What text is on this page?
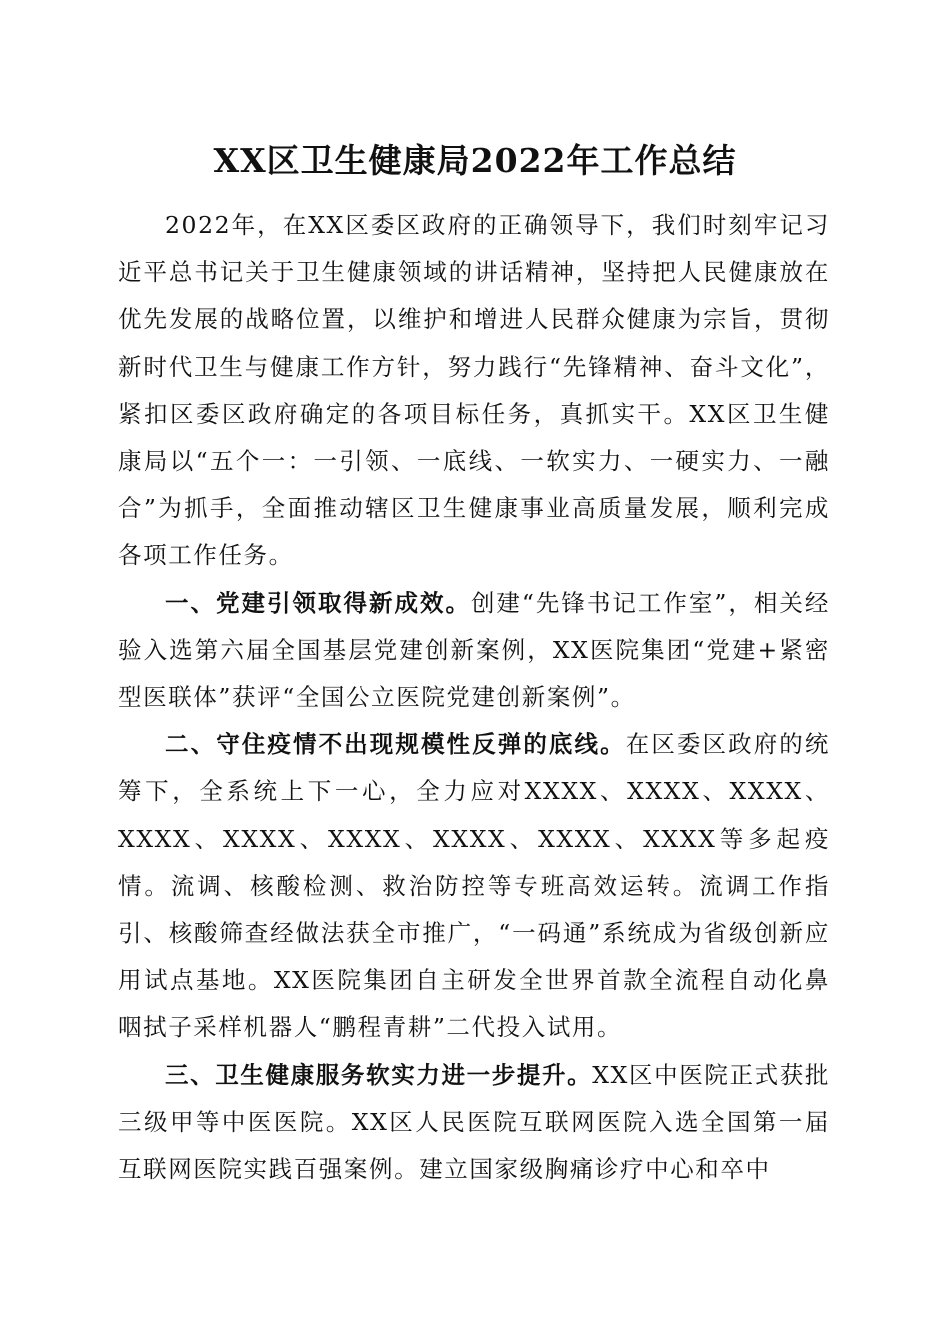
XX区卫生健康局2022年工作总结

2022年，在XX区委区政府的正确领导下，我们时刻牢记习近平总书记关于卫生健康领域的讲话精神，坚持把人民健康放在优先发展的战略位置，以维护和增进人民群众健康为宗旨，贯彻新时代卫生与健康工作方针，努力践行“先锋精神、奋斗文化”，紧扣区委区政府确定的各项目标任务，真抓实干。XX区卫生健康局以“五个一：一引领、一底线、一软实力、一硬实力、一融合”为抓手，全面推动辖区卫生健康事业高质量发展，顺利完成各项工作任务。

一、党建引领取得新成效。创建“先锋书记工作室”，相关经验入选第六届全国基层党建创新案例，XX医院集团“党建+紧密型医联体”获评“全国公立医院党建创新案例”。

二、守住疫情不出现规模性反弹的底线。在区委区政府的统筹下，全系统上下一心，全力应对XXXX、XXXX、XXXX、XXXX、XXXX、XXXX、XXXX、XXXX、XXXX等多起疫情。流调、核酸检测、救治防控等专班高效运转。流调工作指引、核酸筛查经做法获全市推广，“一码通”系统成为省级创新应用试点基地。XX医院集团自主研发全世界首款全流程自动化鼻咽拭子采样机器人“鹏程青耕”二代投入试用。

三、卫生健康服务软实力进一步提升。XX区中医院正式获批三级甲等中医医院。XX区人民医院互联网医院入选全国第一届互联网医院实践百强案例。建立国家级胸痛诊疗中心和卒中
